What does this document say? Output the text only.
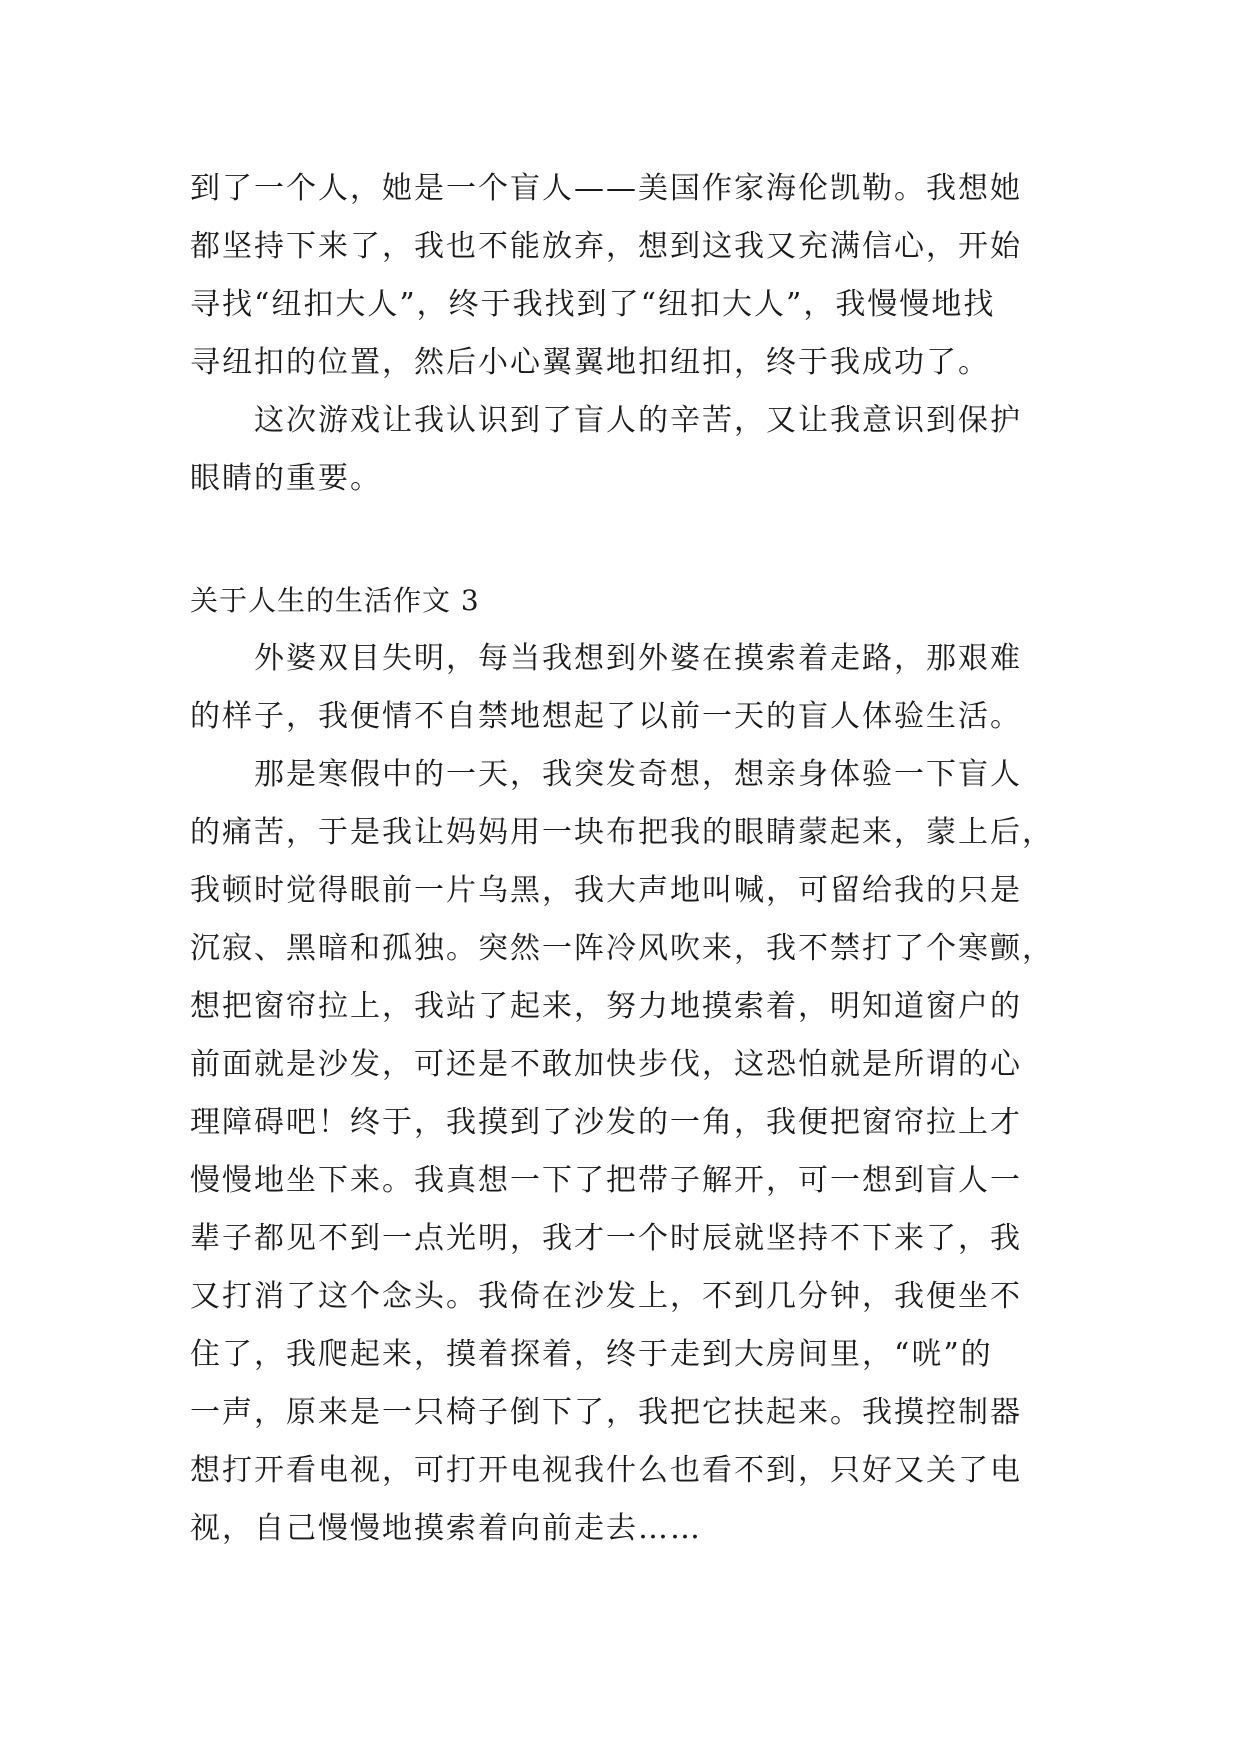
到了一个人，她是一个盲人——美国作家海伦凯勒。我想她
都坚持下来了，我也不能放弃，想到这我又充满信心，开始
寻找“纽扣大人”，终于我找到了“纽扣大人”，我慢慢地找
寻纽扣的位置，然后小心翼翼地扣纽扣，终于我成功了。
这次游戏让我认识到了盲人的辛苦，又让我意识到保护
眼睛的重要。
关于人生的生活作文 3
外婆双目失明，每当我想到外婆在摸索着走路，那艰难
的样子，我便情不自禁地想起了以前一天的盲人体验生活。
那是寒假中的一天，我突发奇想，想亲身体验一下盲人
的痛苦，于是我让妈妈用一块布把我的眼睛蒙起来，蒙上后，
我顿时觉得眼前一片乌黑，我大声地叫喊，可留给我的只是
沉寂、黑暗和孤独。突然一阵冷风吹来，我不禁打了个寒颤，
想把窗帘拉上，我站了起来，努力地摸索着，明知道窗户的
前面就是沙发，可还是不敢加快步伐，这恐怕就是所谓的心
理障碍吧！终于，我摸到了沙发的一角，我便把窗帘拉上才
慢慢地坐下来。我真想一下了把带子解开，可一想到盲人一
辈子都见不到一点光明，我才一个时辰就坚持不下来了，我
又打消了这个念头。我倚在沙发上，不到几分钟，我便坐不
住了，我爬起来，摸着探着，终于走到大房间里，“咣”的
一声，原来是一只椅子倒下了，我把它扶起来。我摸控制器
想打开看电视，可打开电视我什么也看不到，只好又关了电
视，自己慢慢地摸索着向前走去……
